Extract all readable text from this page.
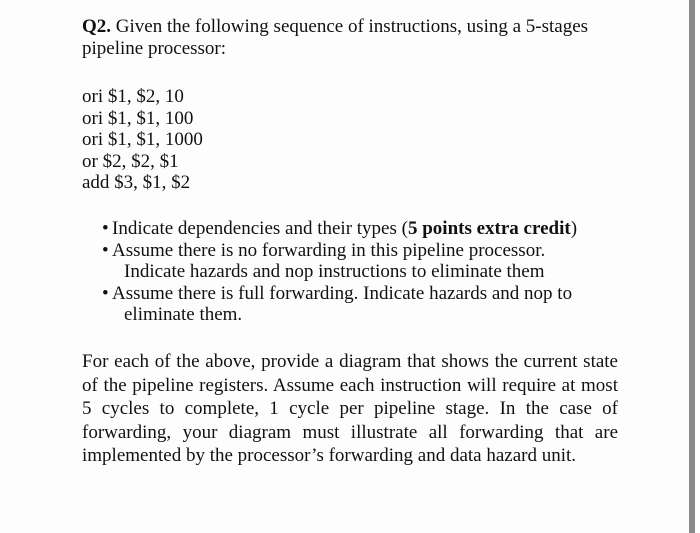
Q2. Given the following sequence of instructions, using a 5-stages
pipeline processor:
ori $1, $2, 10
ori $1, $1, 100
ori $1, $1, 1000
or $2, $2, $1
add $3, $1, $2
• Indicate dependencies and their types (5 points extra credit)
• Assume there is no forwarding in this pipeline processor.
Indicate hazards and nop instructions to eliminate them
• Assume there is full forwarding. Indicate hazards and nop to
eliminate them.
For each of the above, provide a diagram that shows the current state of the pipeline registers. Assume each instruction will require at most 5 cycles to complete, 1 cycle per pipeline stage. In the case of forwarding, your diagram must illustrate all forwarding that are implemented by the processor’s forwarding and data hazard unit.
